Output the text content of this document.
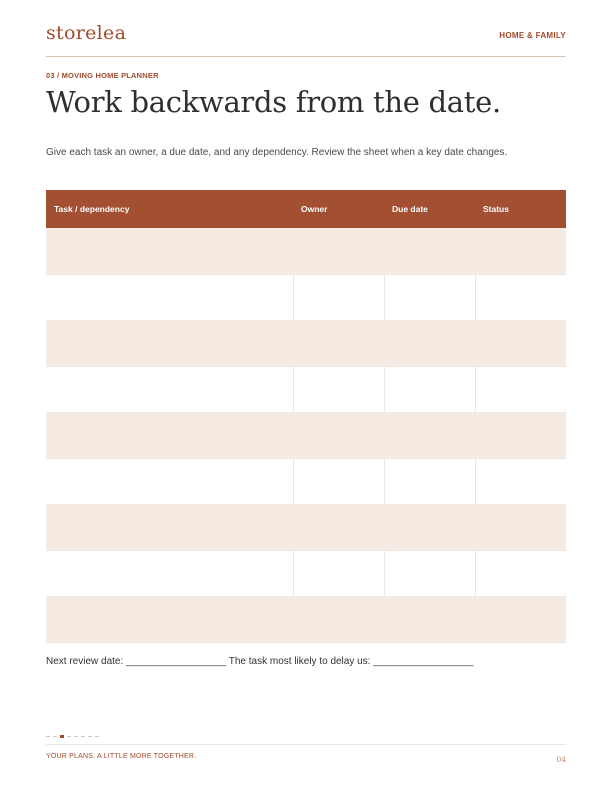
storelea	HOME & FAMILY
03 / MOVING HOME PLANNER
Work backwards from the date.

Give each task an owner, a due date, and any dependency. Review the sheet when a key date changes.

Task / dependency	Owner	Due date	Status

Next review date: __________________ The task most likely to delay us: __________________
YOUR PLANS. A LITTLE MORE TOGETHER.	04
